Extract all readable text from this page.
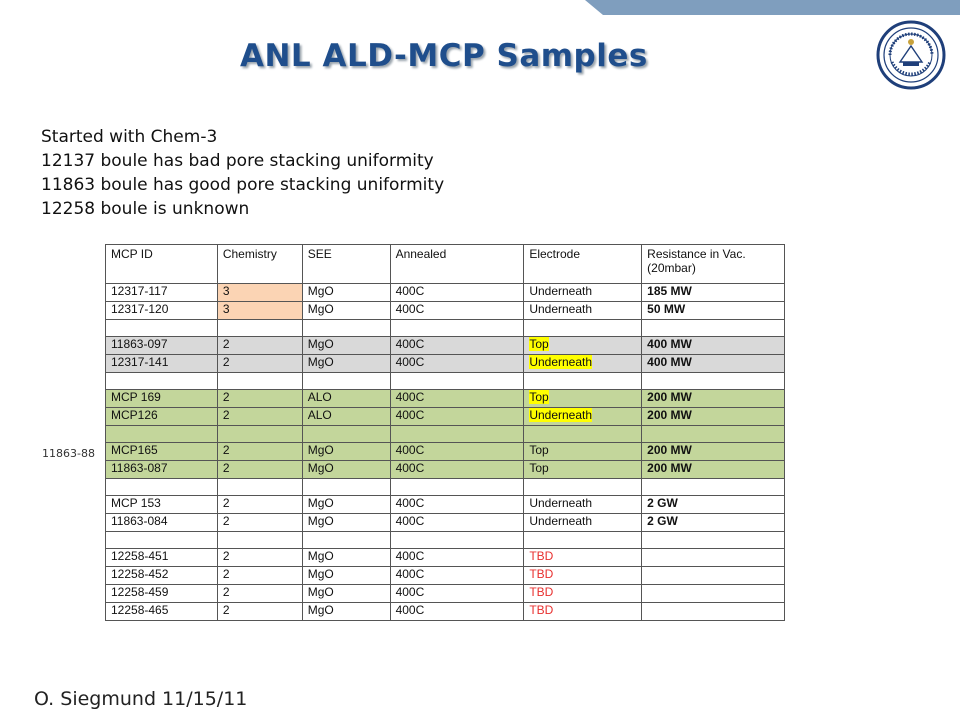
ANL ALD-MCP Samples
Started with Chem-3
12137 boule has bad pore stacking uniformity
11863 boule has good pore stacking uniformity
12258 boule is unknown
11863-88
MCP ID	Chemistry	SEE	Annealed	Electrode	Resistance in Vac. (20mbar)
12317-117	3	MgO	400C	Underneath	185 MW
12317-120	3	MgO	400C	Underneath	50 MW

11863-097	2	MgO	400C	Top	400 MW
12317-141	2	MgO	400C	Underneath	400 MW

MCP 169	2	ALO	400C	Top	200 MW
MCP126	2	ALO	400C	Underneath	200 MW

MCP165	2	MgO	400C	Top	200 MW
11863-087	2	MgO	400C	Top	200 MW

MCP 153	2	MgO	400C	Underneath	2 GW
11863-084	2	MgO	400C	Underneath	2 GW

12258-451	2	MgO	400C	TBD	
12258-452	2	MgO	400C	TBD	
12258-459	2	MgO	400C	TBD	
12258-465	2	MgO	400C	TBD	
O. Siegmund 11/15/11
